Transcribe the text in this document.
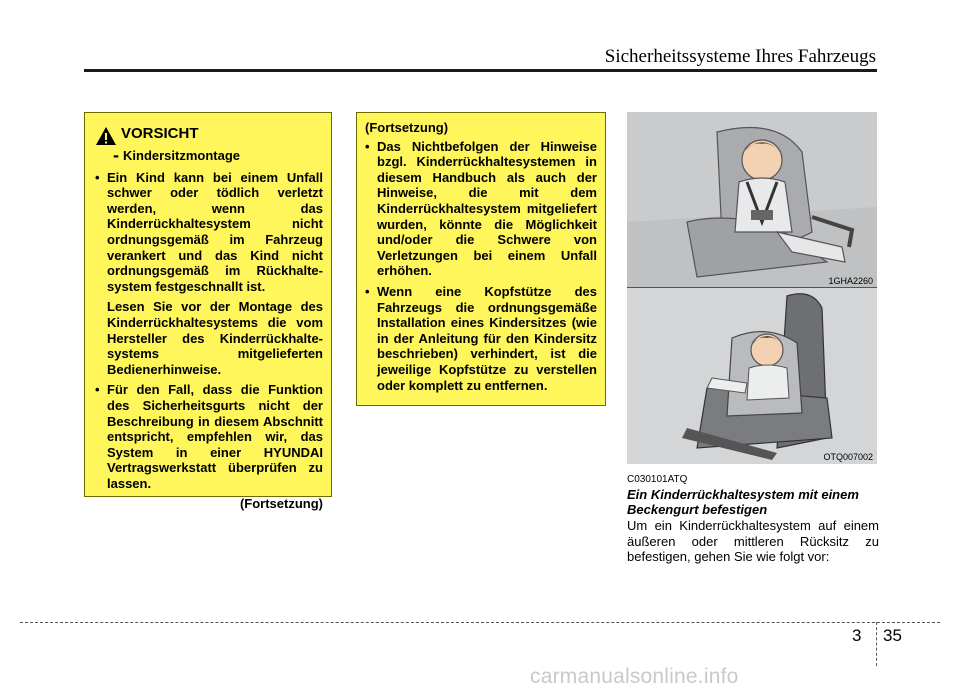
Sicherheitssysteme Ihres Fahrzeugs
VORSICHT
- Kindersitzmontage
• Ein Kind kann bei einem Unfall schwer oder tödlich verletzt werden, wenn das Kinderrückhaltesystem nicht ordnungsgemäß im Fahrzeug verankert und das Kind nicht ordnungsgemäß im Rückhalte-system festgeschnallt ist.
Lesen Sie vor der Montage des Kinderrückhaltesystems die vom Hersteller des Kinderrückhalte-systems mitgelieferten Bedienerhinweise.
• Für den Fall, dass die Funktion des Sicherheitsgurts nicht der Beschreibung in diesem Abschnitt entspricht, empfehlen wir, das System in einer HYUNDAI Vertragswerkstatt überprüfen zu lassen.
(Fortsetzung)
(Fortsetzung)
• Das Nichtbefolgen der Hinweise bzgl. Kinderrückhaltesystemen in diesem Handbuch als auch der Hinweise, die mit dem Kinderrückhaltesystem mitgeliefert wurden, könnte die Möglichkeit und/oder die Schwere von Verletzungen bei einem Unfall erhöhen.
• Wenn eine Kopfstütze des Fahrzeugs die ordnungsgemäße Installation eines Kindersitzes (wie in der Anleitung für den Kindersitz beschrieben) verhindert, ist die jeweilige Kopfstütze zu verstellen oder komplett zu entfernen.
1GHA2260
OTQ007002
C030101ATQ
Ein Kinderrückhaltesystem mit einem Beckengurt befestigen
Um ein Kinderrückhaltesystem auf einem äußeren oder mittleren Rücksitz zu befestigen, gehen Sie wie folgt vor:
3 35
carmanualsonline.info
